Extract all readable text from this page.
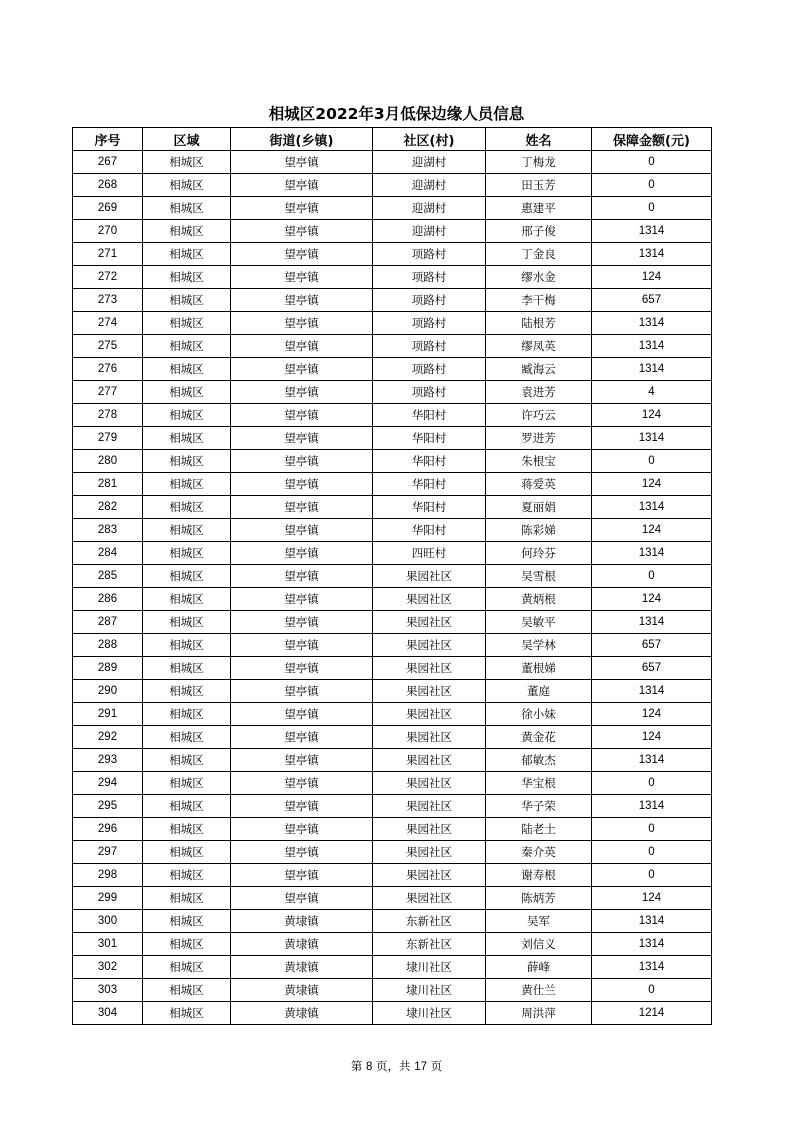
相城区2022年3月低保边缘人员信息
序号	区域	街道(乡镇)	社区(村)	姓名	保障金额(元)
267	相城区	望亭镇	迎湖村	丁梅龙	0
268	相城区	望亭镇	迎湖村	田玉芳	0
269	相城区	望亭镇	迎湖村	惠建平	0
270	相城区	望亭镇	迎湖村	邢子俊	1314
271	相城区	望亭镇	项路村	丁金良	1314
272	相城区	望亭镇	项路村	缪水金	124
273	相城区	望亭镇	项路村	李干梅	657
274	相城区	望亭镇	项路村	陆根芳	1314
275	相城区	望亭镇	项路村	缪凤英	1314
276	相城区	望亭镇	项路村	臧海云	1314
277	相城区	望亭镇	项路村	袁进芳	4
278	相城区	望亭镇	华阳村	许巧云	124
279	相城区	望亭镇	华阳村	罗进芳	1314
280	相城区	望亭镇	华阳村	朱根宝	0
281	相城区	望亭镇	华阳村	蒋爱英	124
282	相城区	望亭镇	华阳村	夏丽娟	1314
283	相城区	望亭镇	华阳村	陈彩娣	124
284	相城区	望亭镇	四旺村	何玲芬	1314
285	相城区	望亭镇	果园社区	吴雪根	0
286	相城区	望亭镇	果园社区	黄炳根	124
287	相城区	望亭镇	果园社区	吴敏平	1314
288	相城区	望亭镇	果园社区	吴学林	657
289	相城区	望亭镇	果园社区	董根娣	657
290	相城区	望亭镇	果园社区	董庭	1314
291	相城区	望亭镇	果园社区	徐小妹	124
292	相城区	望亭镇	果园社区	黄金花	124
293	相城区	望亭镇	果园社区	郁敏杰	1314
294	相城区	望亭镇	果园社区	华宝根	0
295	相城区	望亭镇	果园社区	华子荣	1314
296	相城区	望亭镇	果园社区	陆老土	0
297	相城区	望亭镇	果园社区	秦介英	0
298	相城区	望亭镇	果园社区	谢寿根	0
299	相城区	望亭镇	果园社区	陈炳芳	124
300	相城区	黄埭镇	东新社区	吴军	1314
301	相城区	黄埭镇	东新社区	刘信义	1314
302	相城区	黄埭镇	埭川社区	薛峰	1314
303	相城区	黄埭镇	埭川社区	黄仕兰	0
304	相城区	黄埭镇	埭川社区	周洪萍	1214
第 8 页，共 17 页
